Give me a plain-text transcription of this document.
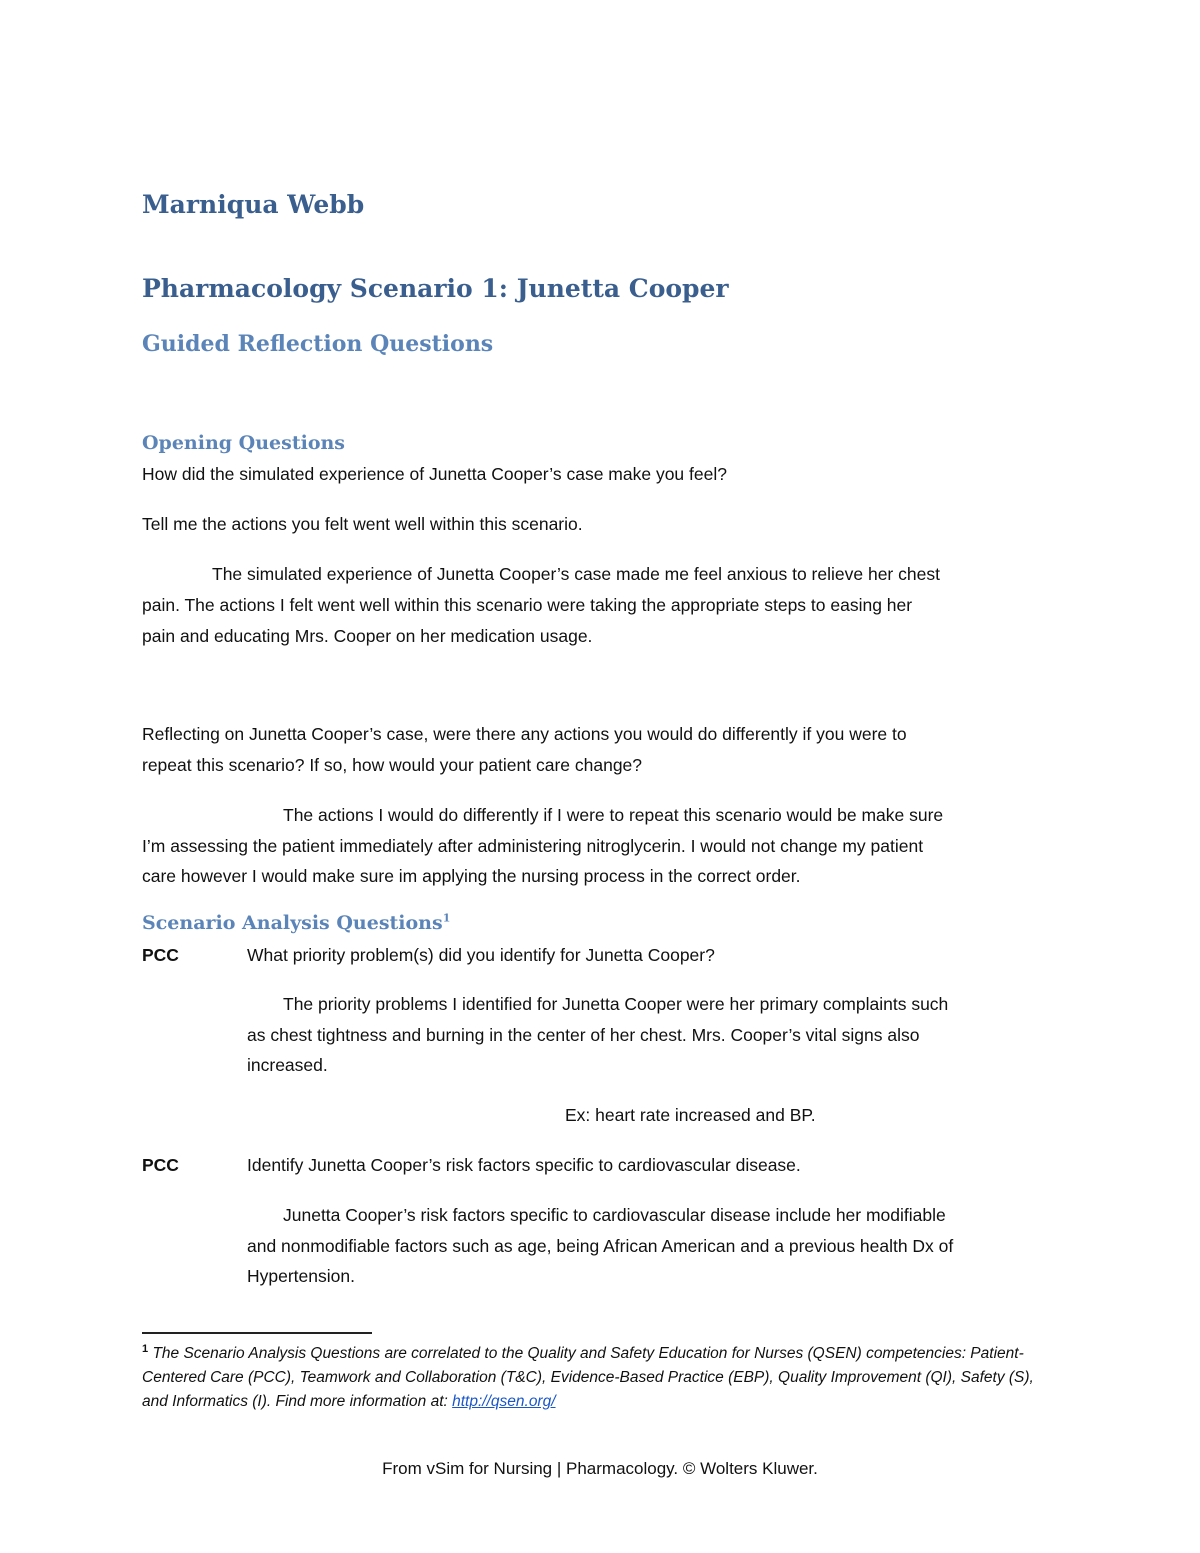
Marniqua Webb
Pharmacology Scenario 1: Junetta Cooper
Guided Reflection Questions
Opening Questions
How did the simulated experience of Junetta Cooper’s case make you feel?
Tell me the actions you felt went well within this scenario.
The simulated experience of Junetta Cooper’s case made me feel anxious to relieve her chest
pain. The actions I felt went well within this scenario were taking the appropriate steps to easing her
pain and educating Mrs. Cooper on her medication usage.
Reflecting on Junetta Cooper’s case, were there any actions you would do differently if you were to
repeat this scenario? If so, how would your patient care change?
The actions I would do differently if I were to repeat this scenario would be make sure
I’m assessing the patient immediately after administering nitroglycerin. I would not change my patient
care however I would make sure im applying the nursing process in the correct order.
Scenario Analysis Questions$^1$
PCC	What priority problem(s) did you identify for Junetta Cooper?
The priority problems I identified for Junetta Cooper were her primary complaints such
as chest tightness and burning in the center of her chest. Mrs. Cooper’s vital signs also
increased.
Ex: heart rate increased and BP.
PCC	Identify Junetta Cooper’s risk factors specific to cardiovascular disease.
Junetta Cooper’s risk factors specific to cardiovascular disease include her modifiable
and nonmodifiable factors such as age, being African American and a previous health Dx of
Hypertension.
$^1$ The Scenario Analysis Questions are correlated to the Quality and Safety Education for Nurses (QSEN) competencies: Patient-Centered Care (PCC), Teamwork and Collaboration (T&C), Evidence-Based Practice (EBP), Quality Improvement (QI), Safety (S), and Informatics (I). Find more information at: http://qsen.org/
From vSim for Nursing | Pharmacology. © Wolters Kluwer.
